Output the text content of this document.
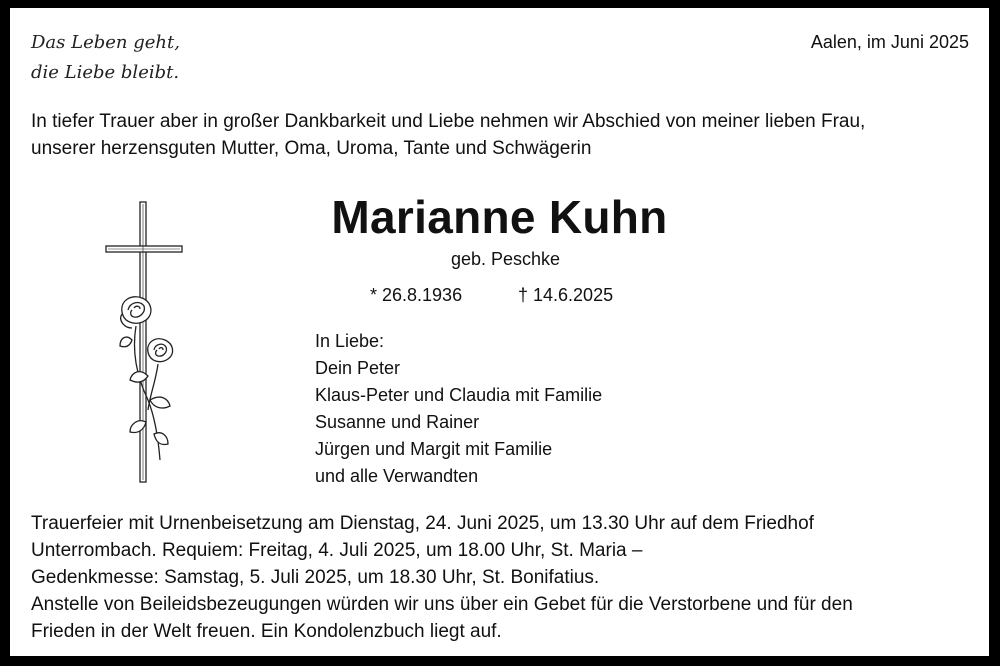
Das Leben geht,
die Liebe bleibt.
Aalen, im Juni 2025
In tiefer Trauer aber in großer Dankbarkeit und Liebe nehmen wir Abschied von meiner lieben Frau,
unserer herzensguten Mutter, Oma, Uroma, Tante und Schwägerin
Marianne Kuhn
geb. Peschke
* 26.8.1936	† 14.6.2025
In Liebe:
Dein Peter
Klaus-Peter und Claudia mit Familie
Susanne und Rainer
Jürgen und Margit mit Familie
und alle Verwandten
Trauerfeier mit Urnenbeisetzung am Dienstag, 24. Juni 2025, um 13.30 Uhr auf dem Friedhof
Unterrombach. Requiem: Freitag, 4. Juli 2025, um 18.00 Uhr, St. Maria –
Gedenkmesse: Samstag, 5. Juli 2025, um 18.30 Uhr, St. Bonifatius.
Anstelle von Beileidsbezeugungen würden wir uns über ein Gebet für die Verstorbene und für den
Frieden in der Welt freuen. Ein Kondolenzbuch liegt auf.
